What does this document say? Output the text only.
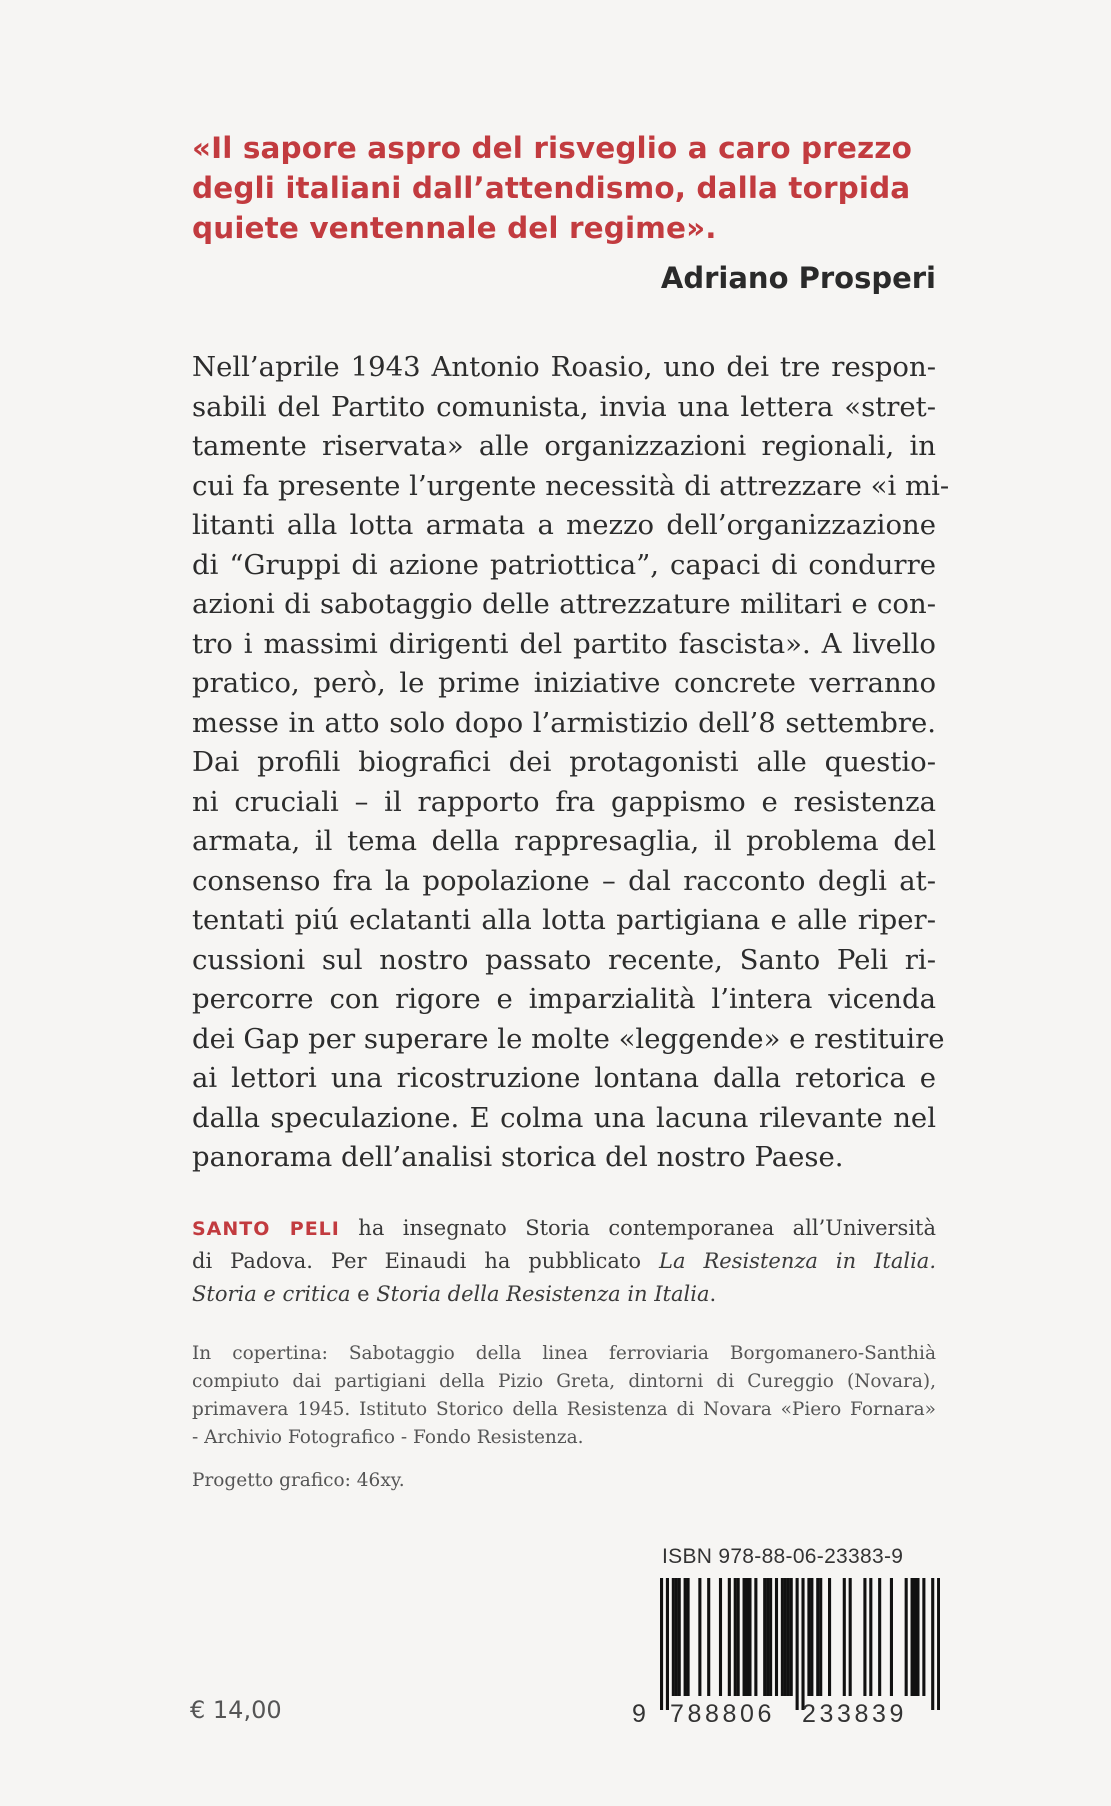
«Il sapore aspro del risveglio a caro prezzo
degli italiani dall’attendismo, dalla torpida
quiete ventennale del regime».

Adriano Prosperi
Nell’aprile 1943 Antonio Roasio, uno dei tre respon-
sabili del Partito comunista, invia una lettera «stret-
tamente riservata» alle organizzazioni regionali, in
cui fa presente l’urgente necessità di attrezzare «i mi-
litanti alla lotta armata a mezzo dell’organizzazione
di “Gruppi di azione patriottica”, capaci di condurre
azioni di sabotaggio delle attrezzature militari e con-
tro i massimi dirigenti del partito fascista». A livello
pratico, però, le prime iniziative concrete verranno
messe in atto solo dopo l’armistizio dell’8 settembre.
Dai profili biografici dei protagonisti alle questio-
ni cruciali – il rapporto fra gappismo e resistenza
armata, il tema della rappresaglia, il problema del
consenso fra la popolazione – dal racconto degli at-
tentati piú eclatanti alla lotta partigiana e alle riper-
cussioni sul nostro passato recente, Santo Peli ri-
percorre con rigore e imparzialità l’intera vicenda
dei Gap per superare le molte «leggende» e restituire
ai lettori una ricostruzione lontana dalla retorica e
dalla speculazione. E colma una lacuna rilevante nel
panorama dell’analisi storica del nostro Paese.
SANTO PELI ha insegnato Storia contemporanea all’Università
di Padova. Per Einaudi ha pubblicato La Resistenza in Italia.
Storia e critica e Storia della Resistenza in Italia.
In copertina: Sabotaggio della linea ferroviaria Borgomanero-Santhià
compiuto dai partigiani della Pizio Greta, dintorni di Cureggio (Novara),
primavera 1945. Istituto Storico della Resistenza di Novara «Piero Fornara»
- Archivio Fotografico - Fondo Resistenza.
Progetto grafico: 46xy.
€ 14,00
ISBN 978-88-06-23383-9
9 788806 233839
